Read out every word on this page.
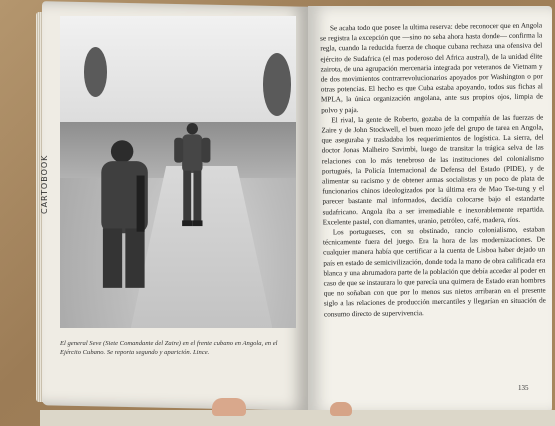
CARTOBOOK
El general Seve (Siete Comandante del Zaire) en el frente cubano en Angola, en el Ejército Cubano. Se reporta segundo y aparición. Lince.

Se acaba todo que posee la ultima reserva: debe reconocer que en Angola se registra la excepción que —sino no seba ahora hasta donde— confirma la regla, cuando la reducida fuerza de choque cubana rechaza una ofensiva del ejército de Sudafrica (el mas poderoso del Africa austral), de la unidad élite zairota, de una agrupación mercenaria integrada por veteranos de Vietnam y de dos movimientos contrarrevolucionarios apoyados por Washington o por otras potencias. El hecho es que Cuba estaba apoyando, todos sus fichas al MPLA, la única organización angolana, ante sus propios ojos, limpia de polvo y paja.

El rival, la gente de Roberto, gozaba de la compañía de las fuerzas de Zaire y de John Stockwell, el buen mozo jefe del grupo de tarea en Angola, que aseguraba y trasladaba los requerimientos de logística. La sierra, del doctor Jonas Malheiro Savimbi, luego de transitar la trágica selva de las relaciones con lo más tenebroso de las instituciones del colonialismo portugués, la Policía Internacional de Defensa del Estado (PIDE), y de alimentar su racismo y de obtener armas socialistas y un poco de plata de funcionarios chinos ideologizados por la última era de Mao Tse-tung y el parecer bastante mal informados, decidía colocarse bajo el estandarte sudafricano. Angola iba a ser irremediable e inexorablemente repartida. Excelente pastel, con diamantes, uranio, petróleo, café, madera, ríos.

Los portugueses, con su obstinado, rancio colonialismo, estaban técnicamente fuera del juego. Era la hora de las modernizaciones. De cualquier manera había que certificar a la cuenta de Lisboa haber dejado un país en estado de semicivilización, donde toda la mano de obra calificada era blanca y una abrumadora parte de la población que debía acceder al poder en caso de que se instaurara lo que parecía una quimera de Estado eran hombres que no soñaban con que por lo menos sus nietos arribaran en el presente siglo a las relaciones de producción mercantiles y llegarían en situación de consumo directo de supervivencia.

135
